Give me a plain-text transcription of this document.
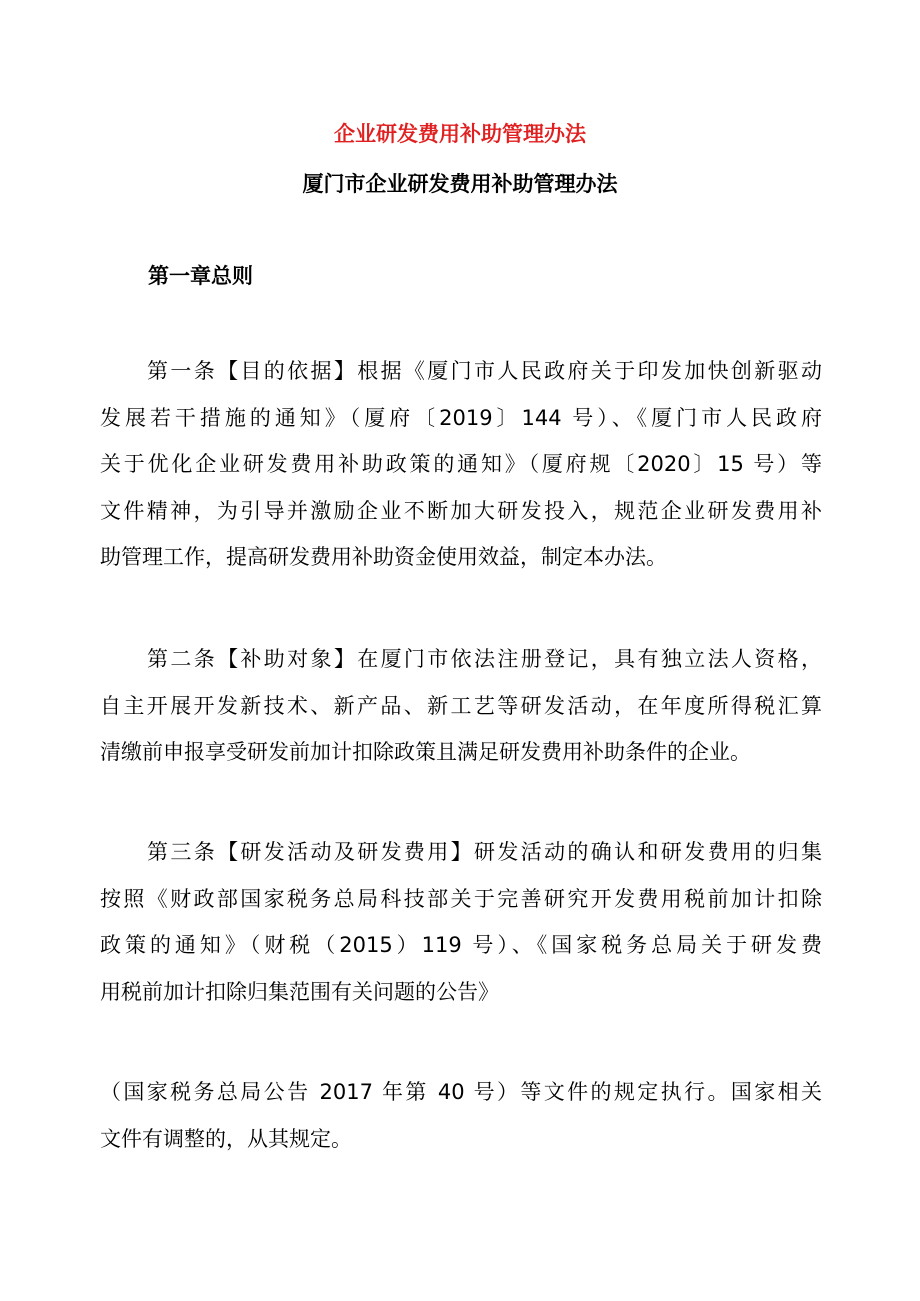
企业研发费用补助管理办法
厦门市企业研发费用补助管理办法
第一章总则

第一条【目的依据】根据《厦门市人民政府关于印发加快创新驱动
发展若干措施的通知》（厦府〔2019〕144 号）、《厦门市人民政府
关于优化企业研发费用补助政策的通知》（厦府规〔2020〕15 号）等
文件精神，为引导并激励企业不断加大研发投入，规范企业研发费用补
助管理工作，提高研发费用补助资金使用效益，制定本办法。

第二条【补助对象】在厦门市依法注册登记，具有独立法人资格，
自主开展开发新技术、新产品、新工艺等研发活动，在年度所得税汇算
清缴前申报享受研发前加计扣除政策且满足研发费用补助条件的企业。

第三条【研发活动及研发费用】研发活动的确认和研发费用的归集
按照《财政部国家税务总局科技部关于完善研究开发费用税前加计扣除
政策的通知》（财税（2015）119 号）、《国家税务总局关于研发费
用税前加计扣除归集范围有关问题的公告》

（国家税务总局公告 2017 年第 40 号）等文件的规定执行。国家相关
文件有调整的，从其规定。
